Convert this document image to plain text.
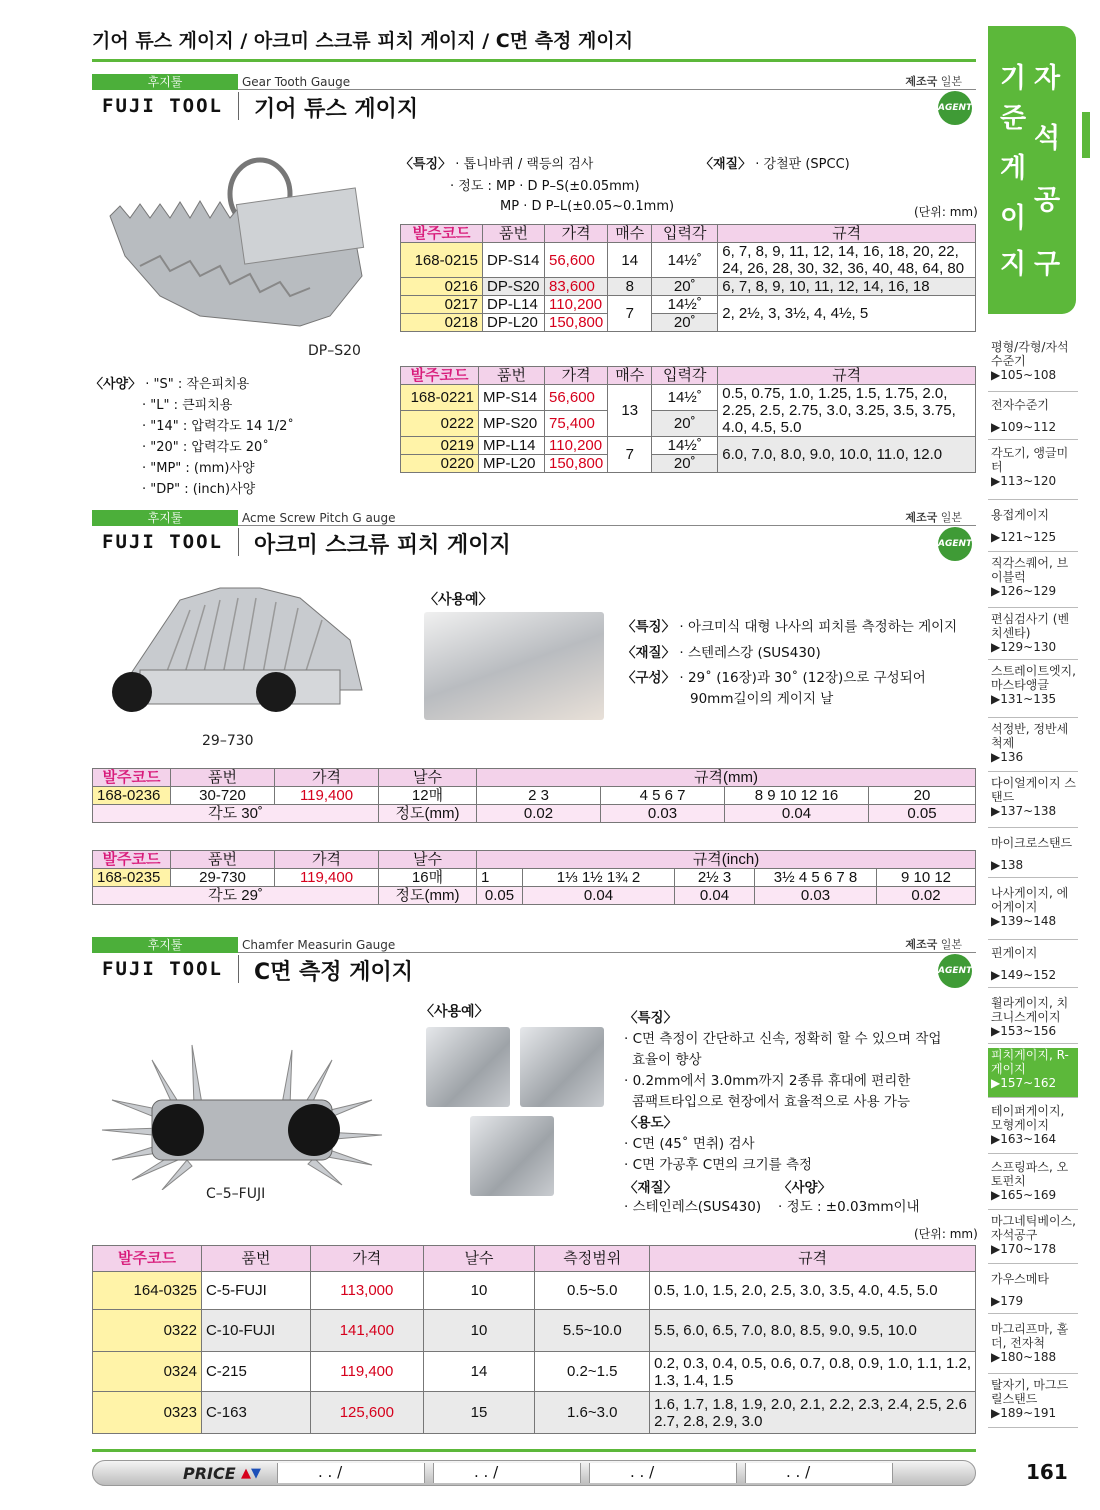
기어 튜스 게이지 / 아크미 스크류 피치 게이지 / C면 측정 게이지
기 자
준
석
게
공
이
지 구
평형/각형/자석 수준기
▶105~108
전자수준기
▶109~112
각도기, 앵글미터
▶113~120
용접게이지
▶121~125
직각스퀘어, 브이블럭
▶126~129
편심검사기 (벤치센타)
▶129~130
스트레이트엣지, 마스타앵글
▶131~135
석정반, 정반세척제
▶136
다이얼게이지 스탠드
▶137~138
마이크로스탠드
▶138
나사게이지, 에어게이지
▶139~148
핀게이지
▶149~152
휠라게이지, 치크니스게이지
▶153~156
피치게이지, R-게이지
▶157~162
테이퍼게이지, 모형게이지
▶163~164
스프링파스, 오토펀치
▶165~169
마그네틱베이스, 자석공구
▶170~178
가우스메타
▶179
마그리프마, 홀더, 전자척
▶180~188
탈자기, 마그드릴스탠드
▶189~191
후지툴	Gear Tooth Gauge
FUJI TOOL 기어 튜스 게이지
제조국 일본
AGENT
DP–S20
〈특징〉 · 톱니바퀴 / 랙등의 검사
· 정도 : MP · D P–S(±0.05mm)
MP · D P–L(±0.05~0.1mm)
〈재질〉 · 강철판 (SPCC)
(단위: mm)
발주코드	품번	가격	매수	입력각	규격
168-0215	DP-S14	56,600	14	14½˚	6, 7, 8, 9, 11, 12, 14, 16, 18, 20, 22,
24, 26, 28, 30, 32, 36, 40, 48, 64, 80

0216	DP-S20	83,600	8	20˚	6, 7, 8, 9, 10, 11, 12, 14, 16, 18
0217	DP-L14	110,200	7	14½˚	2, 2½, 3, 3½, 4, 4½, 5
0218	DP-L20	150,800		20˚	
〈사양〉 · "S" : 작은피치용
· "L" : 큰피치용
· "14" : 압력각도 14 1/2˚
· "20" : 압력각도 20˚
· "MP" : (mm)사양
· "DP" : (inch)사양
발주코드	품번	가격	매수	입력각	규격
168-0221	MP-S14	56,600	13	14½˚	0.5, 0.75, 1.0, 1.25, 1.5, 1.75, 2.0,
2.25, 2.5, 2.75, 3.0, 3.25, 3.5, 3.75,
4.0, 4.5, 5.0

0222	MP-S20	75,400		20˚	
0219	MP-L14	110,200	7	14½˚	6.0, 7.0, 8.0, 9.0, 10.0, 11.0, 12.0
0220	MP-L20	150,800		20˚	
후지툴	Acme Screw Pitch G auge
FUJI TOOL 아크미 스크류 피치 게이지
제조국 일본
AGENT
29–730
〈사용예〉
〈특징〉 · 아크미식 대형 나사의 피치를 측정하는 게이지
〈재질〉 · 스텐레스강 (SUS430)
〈구성〉 · 29˚ (16장)과 30˚ (12장)으로 구성되어
90mm길이의 게이지 날
발주코드	품번	가격	날수	규격(mm)			
168-0236	30-720	119,400	12매	2 3	4 5 6 7	8 9 10 12 16	20
각도 30˚			정도(mm)	0.02	0.03	0.04	0.05
발주코드	품번	가격	날수	규격(inch)				
168-0235	29-730	119,400	16매	1	1⅓ 1½ 1¾ 2	2½ 3	3½ 4 5 6 7 8	9 10 12
각도 29˚			정도(mm)	0.05	0.04	0.04	0.03	0.02
후지툴	Chamfer Measurin Gauge
FUJI TOOL C면 측정 게이지
제조국 일본
AGENT
C–5–FUJI
〈사용예〉	〈특징〉
· C면 측정이 간단하고 신속, 정확히 할 수 있으며 작업
효율이 향상
· 0.2mm에서 3.0mm까지 2종류 휴대에 편리한
콤팩트타입으로 현장에서 효율적으로 사용 가능
〈용도〉
· C면 (45˚ 면취) 검사
· C면 가공후 C면의 크기를 측정
〈재질〉
· 스테인레스(SUS430)
〈사양〉
· 정도 : ±0.03mm이내
(단위: mm)
발주코드	품번	가격	날수	측정범위	규격
164-0325	C-5-FUJI	113,000	10	0.5~5.0	0.5, 1.0, 1.5, 2.0, 2.5, 3.0, 3.5, 4.0, 4.5, 5.0
0322	C-10-FUJI	141,400	10	5.5~10.0	5.5, 6.0, 6.5, 7.0, 8.0, 8.5, 9.0, 9.5, 10.0
0324	C-215	119,400	14	0.2~1.5	0.2, 0.3, 0.4, 0.5, 0.6, 0.7, 0.8, 0.9, 1.0, 1.1, 1.2,
1.3, 1.4, 1.5

0323	C-163	125,600	15	1.6~3.0	1.6, 1.7, 1.8, 1.9, 2.0, 2.1, 2.2, 2.3, 2.4, 2.5, 2.6
2.7, 2.8, 2.9, 3.0
PRICE ▲▼	. . /	. . /	. . /	. . /	161
